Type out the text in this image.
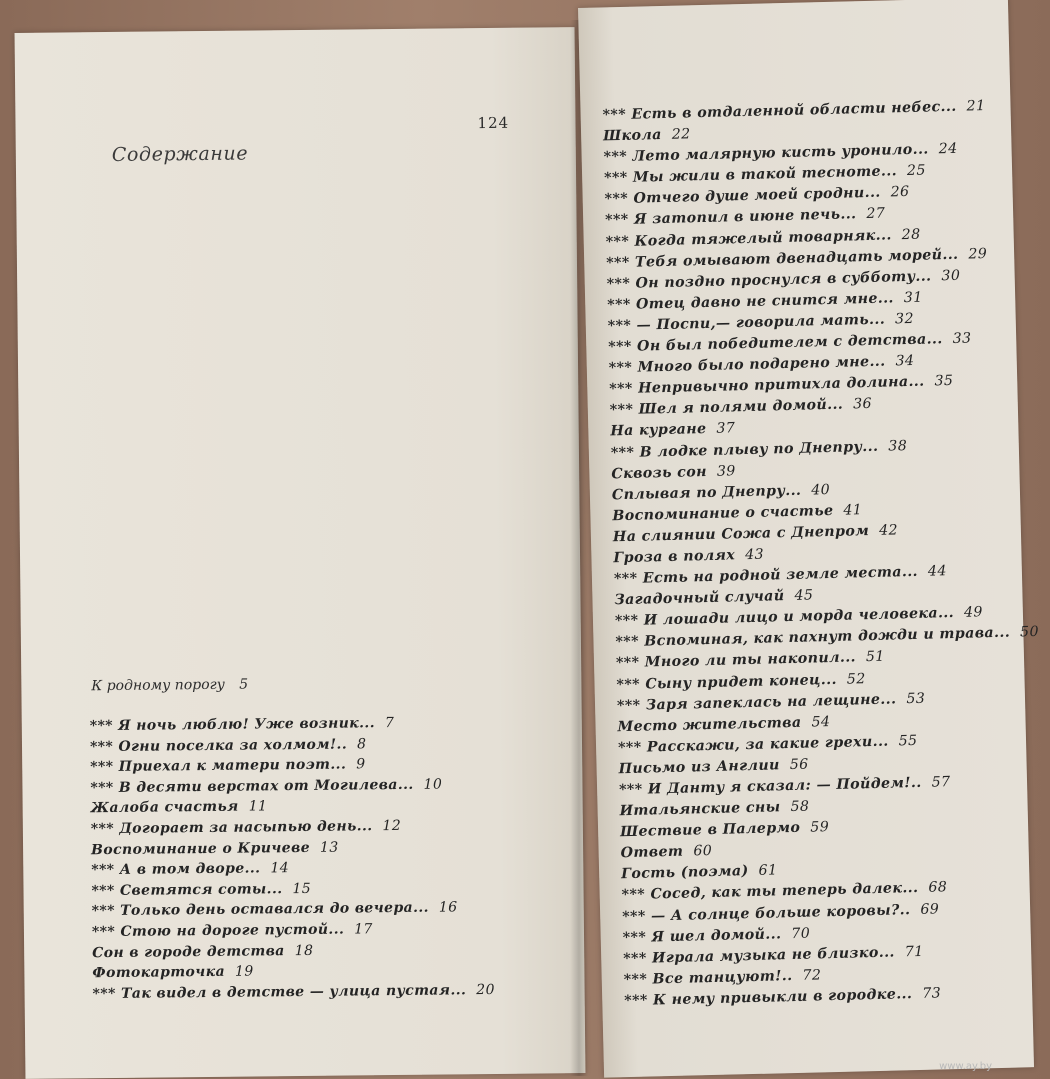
124
Содержание
К родному порогу 5
*** Я ночь люблю! Уже возник... 7
*** Огни поселка за холмом!.. 8
*** Приехал к матери поэт... 9
*** В десяти верстах от Могилева... 10
Жалоба счастья 11
*** Догорает за насыпью день... 12
Воспоминание о Кричеве 13
*** А в том дворе... 14
*** Светятся соты... 15
*** Только день оставался до вечера... 16
*** Стою на дороге пустой... 17
Сон в городе детства 18
Фотокарточка 19
*** Так видел в детстве — улица пустая... 20
*** Есть в отдаленной области небес... 21
Школа 22
*** Лето малярную кисть уронило... 24
*** Мы жили в такой тесноте... 25
*** Отчего душе моей сродни... 26
*** Я затопил в июне печь... 27
*** Когда тяжелый товарняк... 28
*** Тебя омывают двенадцать морей... 29
*** Он поздно проснулся в субботу... 30
*** Отец давно не снится мне... 31
*** — Поспи,— говорила мать... 32
*** Он был победителем с детства... 33
*** Много было подарено мне... 34
*** Непривычно притихла долина... 35
*** Шел я полями домой... 36
На кургане 37
*** В лодке плыву по Днепру... 38
Сквозь сон 39
Сплывая по Днепру... 40
Воспоминание о счастье 41
На слиянии Сожа с Днепром 42
Гроза в полях 43
*** Есть на родной земле места... 44
Загадочный случай 45
*** И лошади лицо и морда человека... 49
*** Вспоминая, как пахнут дожди и трава... 50
*** Много ли ты накопил... 51
*** Сыну придет конец... 52
*** Заря запеклась на лещине... 53
Место жительства 54
*** Расскажи, за какие грехи... 55
Письмо из Англии 56
*** И Данту я сказал: — Пойдем!.. 57
Итальянские сны 58
Шествие в Палермо 59
Ответ 60
Гость (поэма) 61
*** Сосед, как ты теперь далек... 68
*** — А солнце больше коровы?.. 69
*** Я шел домой... 70
*** Играла музыка не близко... 71
*** Все танцуют!.. 72
*** К нему привыкли в городке... 73
www.ay.by
